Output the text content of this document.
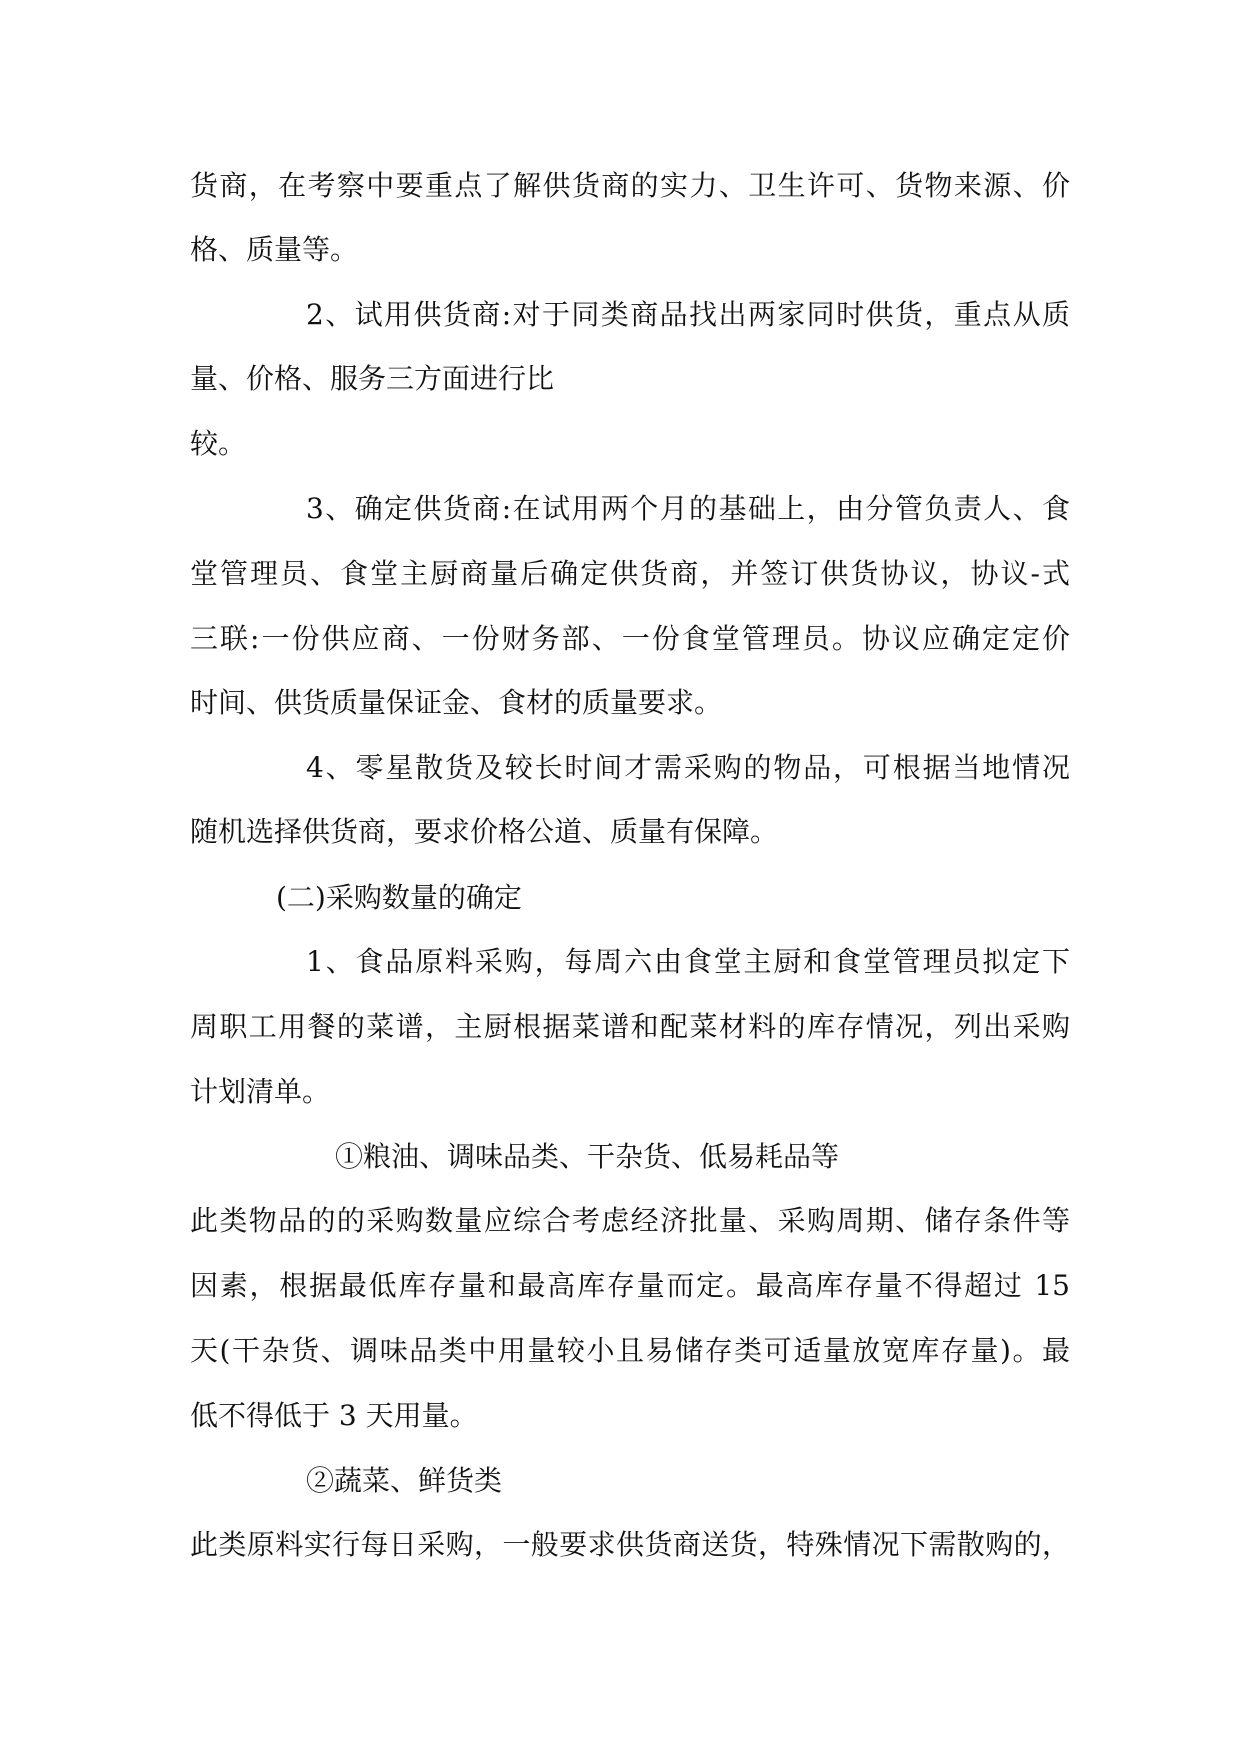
货商，在考察中要重点了解供货商的实力、卫生许可、货物来源、价
格、质量等。
2、试用供货商:对于同类商品找出两家同时供货，重点从质
量、价格、服务三方面进行比
较。
3、确定供货商:在试用两个月的基础上，由分管负责人、食
堂管理员、食堂主厨商量后确定供货商，并签订供货协议，协议-式
三联:一份供应商、一份财务部、一份食堂管理员。协议应确定定价
时间、供货质量保证金、食材的质量要求。
4、零星散货及较长时间才需采购的物品，可根据当地情况
随机选择供货商，要求价格公道、质量有保障。
(二)采购数量的确定
1、食品原料采购，每周六由食堂主厨和食堂管理员拟定下
周职工用餐的菜谱，主厨根据菜谱和配菜材料的库存情况，列出采购
计划清单。
①粮油、调味品类、干杂货、低易耗品等
此类物品的的采购数量应综合考虑经济批量、采购周期、储存条件等
因素，根据最低库存量和最高库存量而定。最高库存量不得超过 15
天(干杂货、调味品类中用量较小且易储存类可适量放宽库存量)。最
低不得低于 3 天用量。
②蔬菜、鲜货类
此类原料实行每日采购，一般要求供货商送货，特殊情况下需散购的，
